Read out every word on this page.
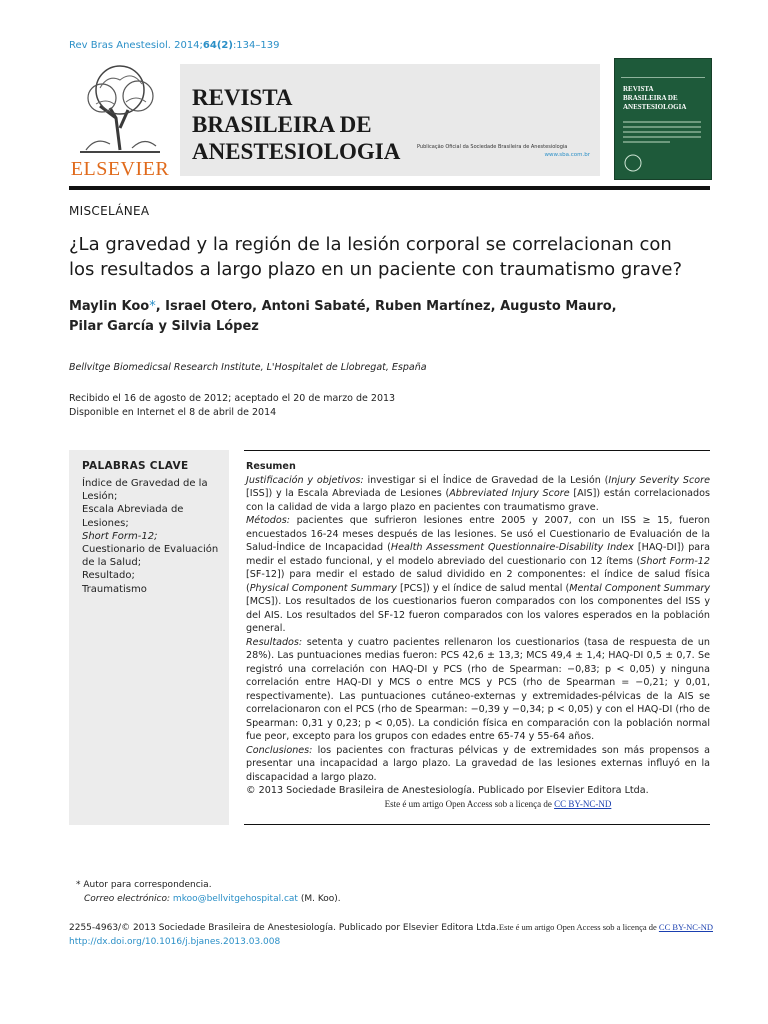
Rev Bras Anestesiol. 2014;64(2):134–139
ELSEVIER
REVISTA
BRASILEIRA DE
ANESTESIOLOGIA	Publicação Oficial da Sociedade Brasileira de Anestesiologia
www.sba.com.br
REVISTA
BRASILEIRA DE
ANESTESIOLOGIA
MISCELÁNEA
¿La gravedad y la región de la lesión corporal se correlacionan con
los resultados a largo plazo en un paciente con traumatismo grave?
Maylin Koo*, Israel Otero, Antoni Sabaté, Ruben Martínez, Augusto Mauro,
Pilar García y Silvia López
Bellvitge Biomedicsal Research Institute, L'Hospitalet de Llobregat, España
Recibido el 16 de agosto de 2012; aceptado el 20 de marzo de 2013
Disponible en Internet el 8 de abril de 2014
PALABRAS CLAVE
Índice de Gravedad de la Lesión;
Escala Abreviada de Lesiones;
Short Form-12;
Cuestionario de Evaluación de la Salud;
Resultado;
Traumatismo
Resumen
Justificación y objetivos: investigar si el Índice de Gravedad de la Lesión (Injury Severity Score [ISS]) y la Escala Abreviada de Lesiones (Abbreviated Injury Score [AIS]) están correlacionados con la calidad de vida a largo plazo en pacientes con traumatismo grave.
Métodos: pacientes que sufrieron lesiones entre 2005 y 2007, con un ISS ≥ 15, fueron encuestados 16-24 meses después de las lesiones. Se usó el Cuestionario de Evaluación de la Salud-Índice de Incapacidad (Health Assessment Questionnaire-Disability Index [HAQ-DI]) para medir el estado funcional, y el modelo abreviado del cuestionario con 12 ítems (Short Form-12 [SF-12]) para medir el estado de salud dividido en 2 componentes: el índice de salud física (Physical Component Summary [PCS]) y el índice de salud mental (Mental Component Summary [MCS]). Los resultados de los cuestionarios fueron comparados con los componentes del ISS y del AIS. Los resultados del SF-12 fueron comparados con los valores esperados en la población general.
Resultados: setenta y cuatro pacientes rellenaron los cuestionarios (tasa de respuesta de un 28%). Las puntuaciones medias fueron: PCS 42,6 ± 13,3; MCS 49,4 ± 1,4; HAQ-DI 0,5 ± 0,7. Se registró una correlación con HAQ-DI y PCS (rho de Spearman: −0,83; p < 0,05) y ninguna correlación entre HAQ-DI y MCS o entre MCS y PCS (rho de Spearman = −0,21; y 0,01, respectivamente). Las puntuaciones cutáneo-externas y extremidades-pélvicas de la AIS se correlacionaron con el PCS (rho de Spearman: −0,39 y −0,34; p < 0,05) y con el HAQ-DI (rho de Spearman: 0,31 y 0,23; p < 0,05). La condición física en comparación con la población normal fue peor, excepto para los grupos con edades entre 65-74 y 55-64 años.
Conclusiones: los pacientes con fracturas pélvicas y de extremidades son más propensos a presentar una incapacidad a largo plazo. La gravedad de las lesiones externas influyó en la discapacidad a largo plazo.
© 2013 Sociedade Brasileira de Anestesiología. Publicado por Elsevier Editora Ltda.
Este é um artigo Open Access sob a licença de CC BY-NC-ND
* Autor para correspondencia.
Correo electrónico: mkoo@bellvitgehospital.cat (M. Koo).
2255-4963/© 2013 Sociedade Brasileira de Anestesiología. Publicado por Elsevier Editora Ltda.Este é um artigo Open Access sob a licença de CC BY-NC-ND
http://dx.doi.org/10.1016/j.bjanes.2013.03.008
